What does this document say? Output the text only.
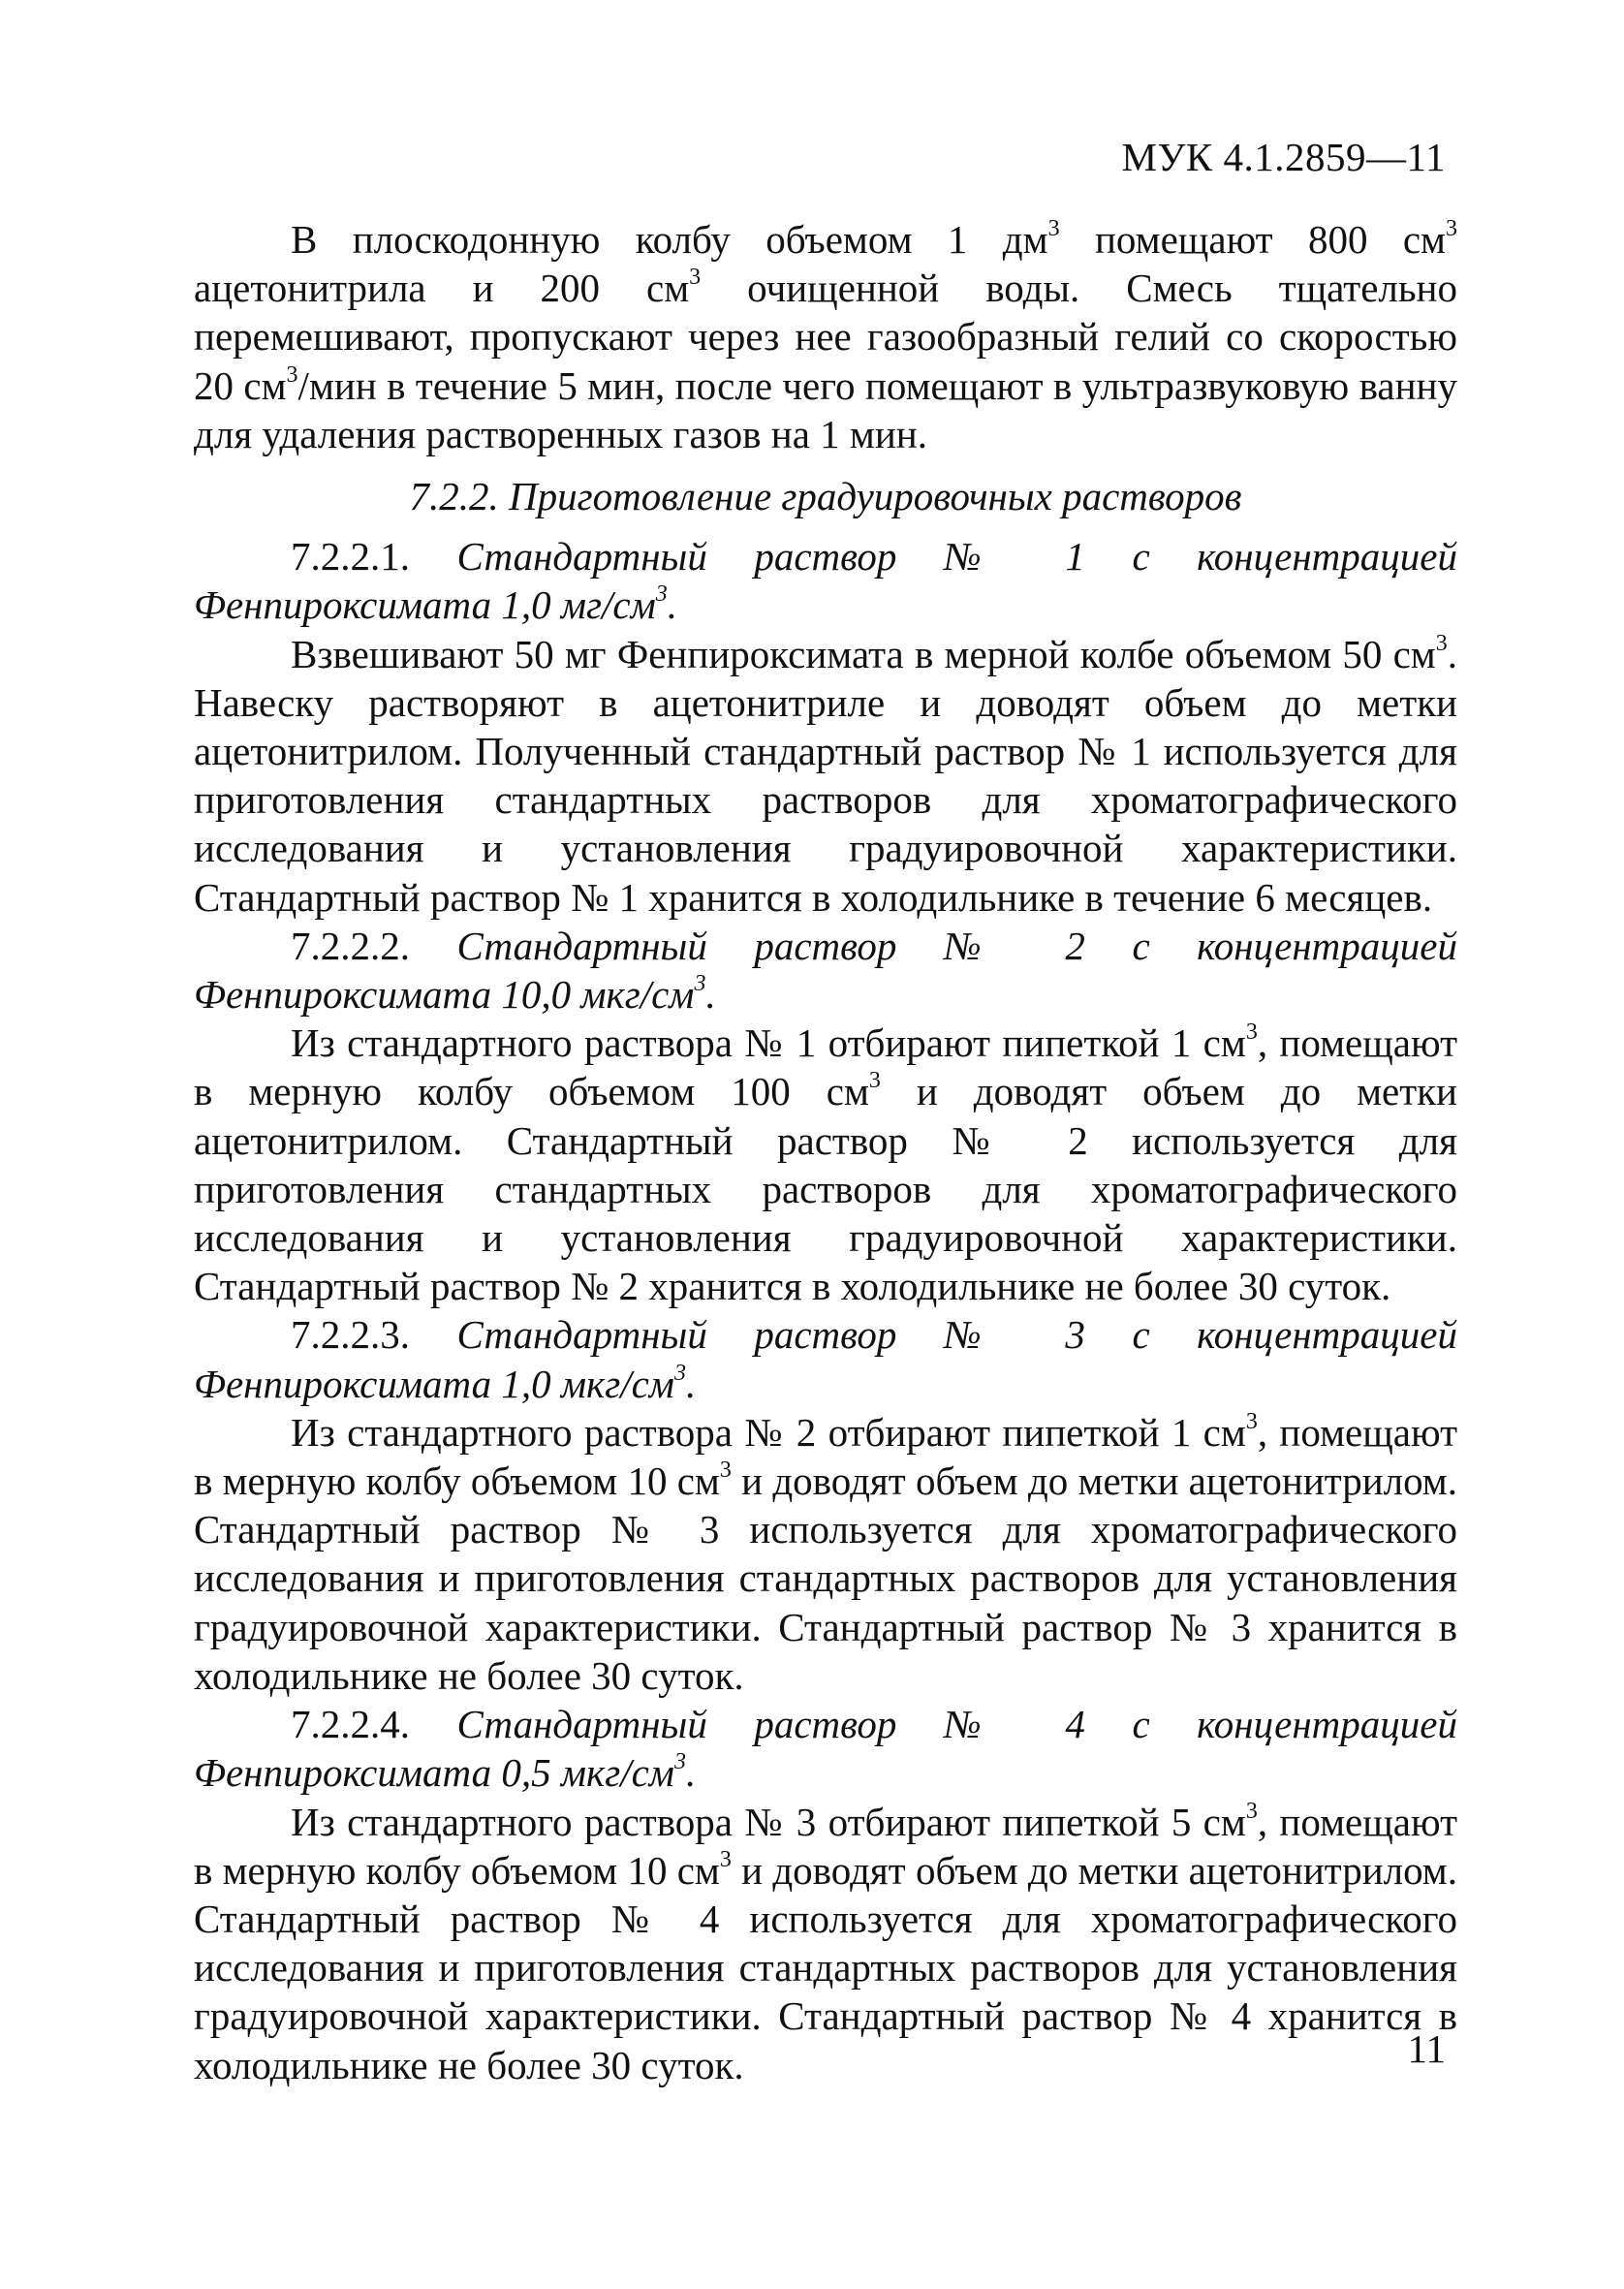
МУК 4.1.2859—11

В плоскодонную колбу объемом 1 $дм^3$ помещают 800 $см^3$ ацетонитрила и 200 $см^3$ очищенной воды. Смесь тщательно перемешивают, пропускают через нее газообразный гелий со скоростью 20 $см^3$/мин в течение 5 мин, после чего помещают в ультразвуковую ванну для удаления растворенных газов на 1 мин.

7.2.2. Приготовление градуировочных растворов

7.2.2.1. Стандартный раствор № 1 с концентрацией Фенпироксимата 1,0 $мг/см^3$.

Взвешивают 50 мг Фенпироксимата в мерной колбе объемом 50 $см^3$. Навеску растворяют в ацетонитриле и доводят объем до метки ацетонитрилом. Полученный стандартный раствор № 1 используется для приготовления стандартных растворов для хроматографического исследования и установления градуировочной характеристики. Стандартный раствор № 1 хранится в холодильнике в течение 6 месяцев.

7.2.2.2. Стандартный раствор № 2 с концентрацией Фенпироксимата 10,0 мкг/$см^3$.

Из стандартного раствора № 1 отбирают пипеткой 1 $см^3$, помещают в мерную колбу объемом 100 $см^3$ и доводят объем до метки ацетонитрилом. Стандартный раствор № 2 используется для приготовления стандартных растворов для хроматографического исследования и установления градуировочной характеристики. Стандартный раствор № 2 хранится в холодильнике не более 30 суток.

7.2.2.3. Стандартный раствор № 3 с концентрацией Фенпироксимата 1,0 мкг/$см^3$.

Из стандартного раствора № 2 отбирают пипеткой 1 $см^3$, помещают в мерную колбу объемом 10 $см^3$ и доводят объем до метки ацетонитрилом. Стандартный раствор № 3 используется для хроматографического исследования и приготовления стандартных растворов для установления градуировочной характеристики. Стандартный раствор № 3 хранится в холодильнике не более 30 суток.

7.2.2.4. Стандартный раствор № 4 с концентрацией Фенпироксимата 0,5 мкг/$см^3$.

Из стандартного раствора № 3 отбирают пипеткой 5 $см^3$, помещают в мерную колбу объемом 10 $см^3$ и доводят объем до метки ацетонитрилом. Стандартный раствор № 4 используется для хроматографического исследования и приготовления стандартных растворов для установления градуировочной характеристики. Стандартный раствор № 4 хранится в холодильнике не более 30 суток.	11
